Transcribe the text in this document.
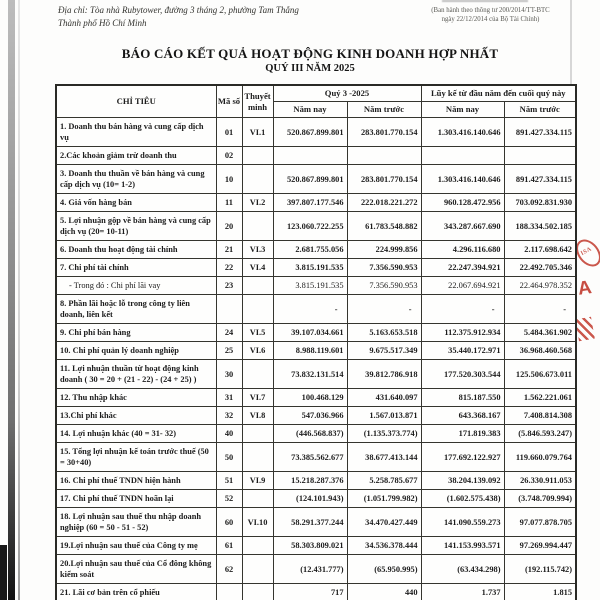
ISA
A
Địa chỉ: Tòa nhà Rubytower, đường 3 tháng 2, phường Tam Thắng
Thành phố Hồ Chí Minh
(Ban hành theo thông tư 200/2014/TT-BTC
ngày 22/12/2014 của Bộ Tài Chính)
BÁO CÁO KẾT QUẢ HOẠT ĐỘNG KINH DOANH HỢP NHẤT
QUÝ III NĂM 2025
CHỈ TIÊU	Mã số	Thuyết minh	Quý 3 -2025		Lũy kế từ đầu năm đến cuối quý này	
			Năm nay	Năm trước	Năm nay	Năm trước
1. Doanh thu bán hàng và cung cấp dịch vụ	01	VI.1	520.867.899.801	283.801.770.154	1.303.416.140.646	891.427.334.115
2.Các khoản giảm trừ doanh thu	02					
3. Doanh thu thuần về bán hàng và cung cấp dịch vụ (10= 1-2)	10		520.867.899.801	283.801.770.154	1.303.416.140.646	891.427.334.115
4. Giá vốn hàng bán	11	VI.2	397.807.177.546	222.018.221.272	960.128.472.956	703.092.831.930
5. Lợi nhuận gộp về bán hàng và cung cấp dịch vụ (20= 10-11)	20		123.060.722.255	61.783.548.882	343.287.667.690	188.334.502.185
6. Doanh thu hoạt động tài chính	21	VI.3	2.681.755.056	224.999.856	4.296.116.680	2.117.698.642
7. Chi phí tài chính	22	VI.4	3.815.191.535	7.356.590.953	22.247.394.921	22.492.705.346
- Trong đó : Chi phí lãi vay	23		3.815.191.535	7.356.590.953	22.067.694.921	22.464.978.352
8. Phần lãi hoặc lỗ trong công ty liên doanh, liên kết			-	-	-	-
9. Chi phí bán hàng	24	VI.5	39.107.034.661	5.163.653.518	112.375.912.934	5.484.361.902
10. Chi phí quản lý doanh nghiệp	25	VI.6	8.988.119.601	9.675.517.349	35.440.172.971	36.968.460.568
11. Lợi nhuận thuần từ hoạt động kinh doanh ( 30 = 20 + (21 - 22) - (24 + 25) )	30		73.832.131.514	39.812.786.918	177.520.303.544	125.506.673.011
12. Thu nhập khác	31	VI.7	100.468.129	431.640.097	815.187.550	1.562.221.061
13.Chi phí khác	32	VI.8	547.036.966	1.567.013.871	643.368.167	7.408.814.308
14. Lợi nhuận khác (40 = 31- 32)	40		(446.568.837)	(1.135.373.774)	171.819.383	(5.846.593.247)
15. Tổng lợi nhuận kế toán trước thuế (50 = 30+40)	50		73.385.562.677	38.677.413.144	177.692.122.927	119.660.079.764
16. Chi phí thuế TNDN hiện hành	51	VI.9	15.218.287.376	5.258.785.677	38.204.139.092	26.330.911.053
17. Chi phí thuế TNDN hoãn lại	52		(124.101.943)	(1.051.799.982)	(1.602.575.438)	(3.748.709.994)
18. Lợi nhuận sau thuế thu nhập doanh nghiệp (60 = 50 - 51 - 52)	60	VI.10	58.291.377.244	34.470.427.449	141.090.559.273	97.077.878.705
19.Lợi nhuận sau thuế của Công ty mẹ	61		58.303.809.021	34.536.378.444	141.153.993.571	97.269.994.447
20.Lợi nhuận sau thuế của Cổ đông không kiểm soát	62		(12.431.777)	(65.950.995)	(63.434.298)	(192.115.742)
21. Lãi cơ bản trên cổ phiếu			717	440	1.737	1.815
